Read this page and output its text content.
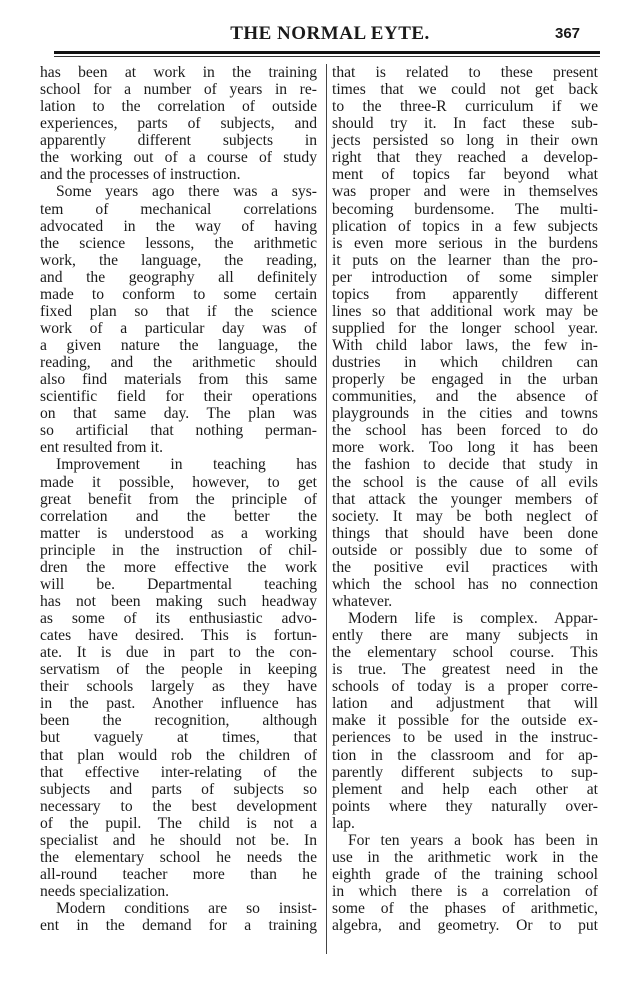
THE NORMAL EYTE.	367
has been at work in the training
school for a number of years in re-
lation to the correlation of outside
experiences, parts of subjects, and
apparently different subjects in
the working out of a course of study
and the processes of instruction.
Some years ago there was a sys-
tem of mechanical correlations
advocated in the way of having
the science lessons, the arithmetic
work, the language, the reading,
and the geography all definitely
made to conform to some certain
fixed plan so that if the science
work of a particular day was of
a given nature the language, the
reading, and the arithmetic should
also find materials from this same
scientific field for their operations
on that same day. The plan was
so artificial that nothing perman-
ent resulted from it.
Improvement in teaching has
made it possible, however, to get
great benefit from the principle of
correlation and the better the
matter is understood as a working
principle in the instruction of chil-
dren the more effective the work
will be. Departmental teaching
has not been making such headway
as some of its enthusiastic advo-
cates have desired. This is fortun-
ate. It is due in part to the con-
servatism of the people in keeping
their schools largely as they have
in the past. Another influence has
been the recognition, although
but vaguely at times, that
that plan would rob the children of
that effective inter-relating of the
subjects and parts of subjects so
necessary to the best development
of the pupil. The child is not a
specialist and he should not be. In
the elementary school he needs the
all-round teacher more than he
needs specialization.
Modern conditions are so insist-
ent in the demand for a training
that is related to these present
times that we could not get back
to the three-R curriculum if we
should try it. In fact these sub-
jects persisted so long in their own
right that they reached a develop-
ment of topics far beyond what
was proper and were in themselves
becoming burdensome. The multi-
plication of topics in a few subjects
is even more serious in the burdens
it puts on the learner than the pro-
per introduction of some simpler
topics from apparently different
lines so that additional work may be
supplied for the longer school year.
With child labor laws, the few in-
dustries in which children can
properly be engaged in the urban
communities, and the absence of
playgrounds in the cities and towns
the school has been forced to do
more work. Too long it has been
the fashion to decide that study in
the school is the cause of all evils
that attack the younger members of
society. It may be both neglect of
things that should have been done
outside or possibly due to some of
the positive evil practices with
which the school has no connection
whatever.
Modern life is complex. Appar-
ently there are many subjects in
the elementary school course. This
is true. The greatest need in the
schools of today is a proper corre-
lation and adjustment that will
make it possible for the outside ex-
periences to be used in the instruc-
tion in the classroom and for ap-
parently different subjects to sup-
plement and help each other at
points where they naturally over-
lap.
For ten years a book has been in
use in the arithmetic work in the
eighth grade of the training school
in which there is a correlation of
some of the phases of arithmetic,
algebra, and geometry. Or to put
